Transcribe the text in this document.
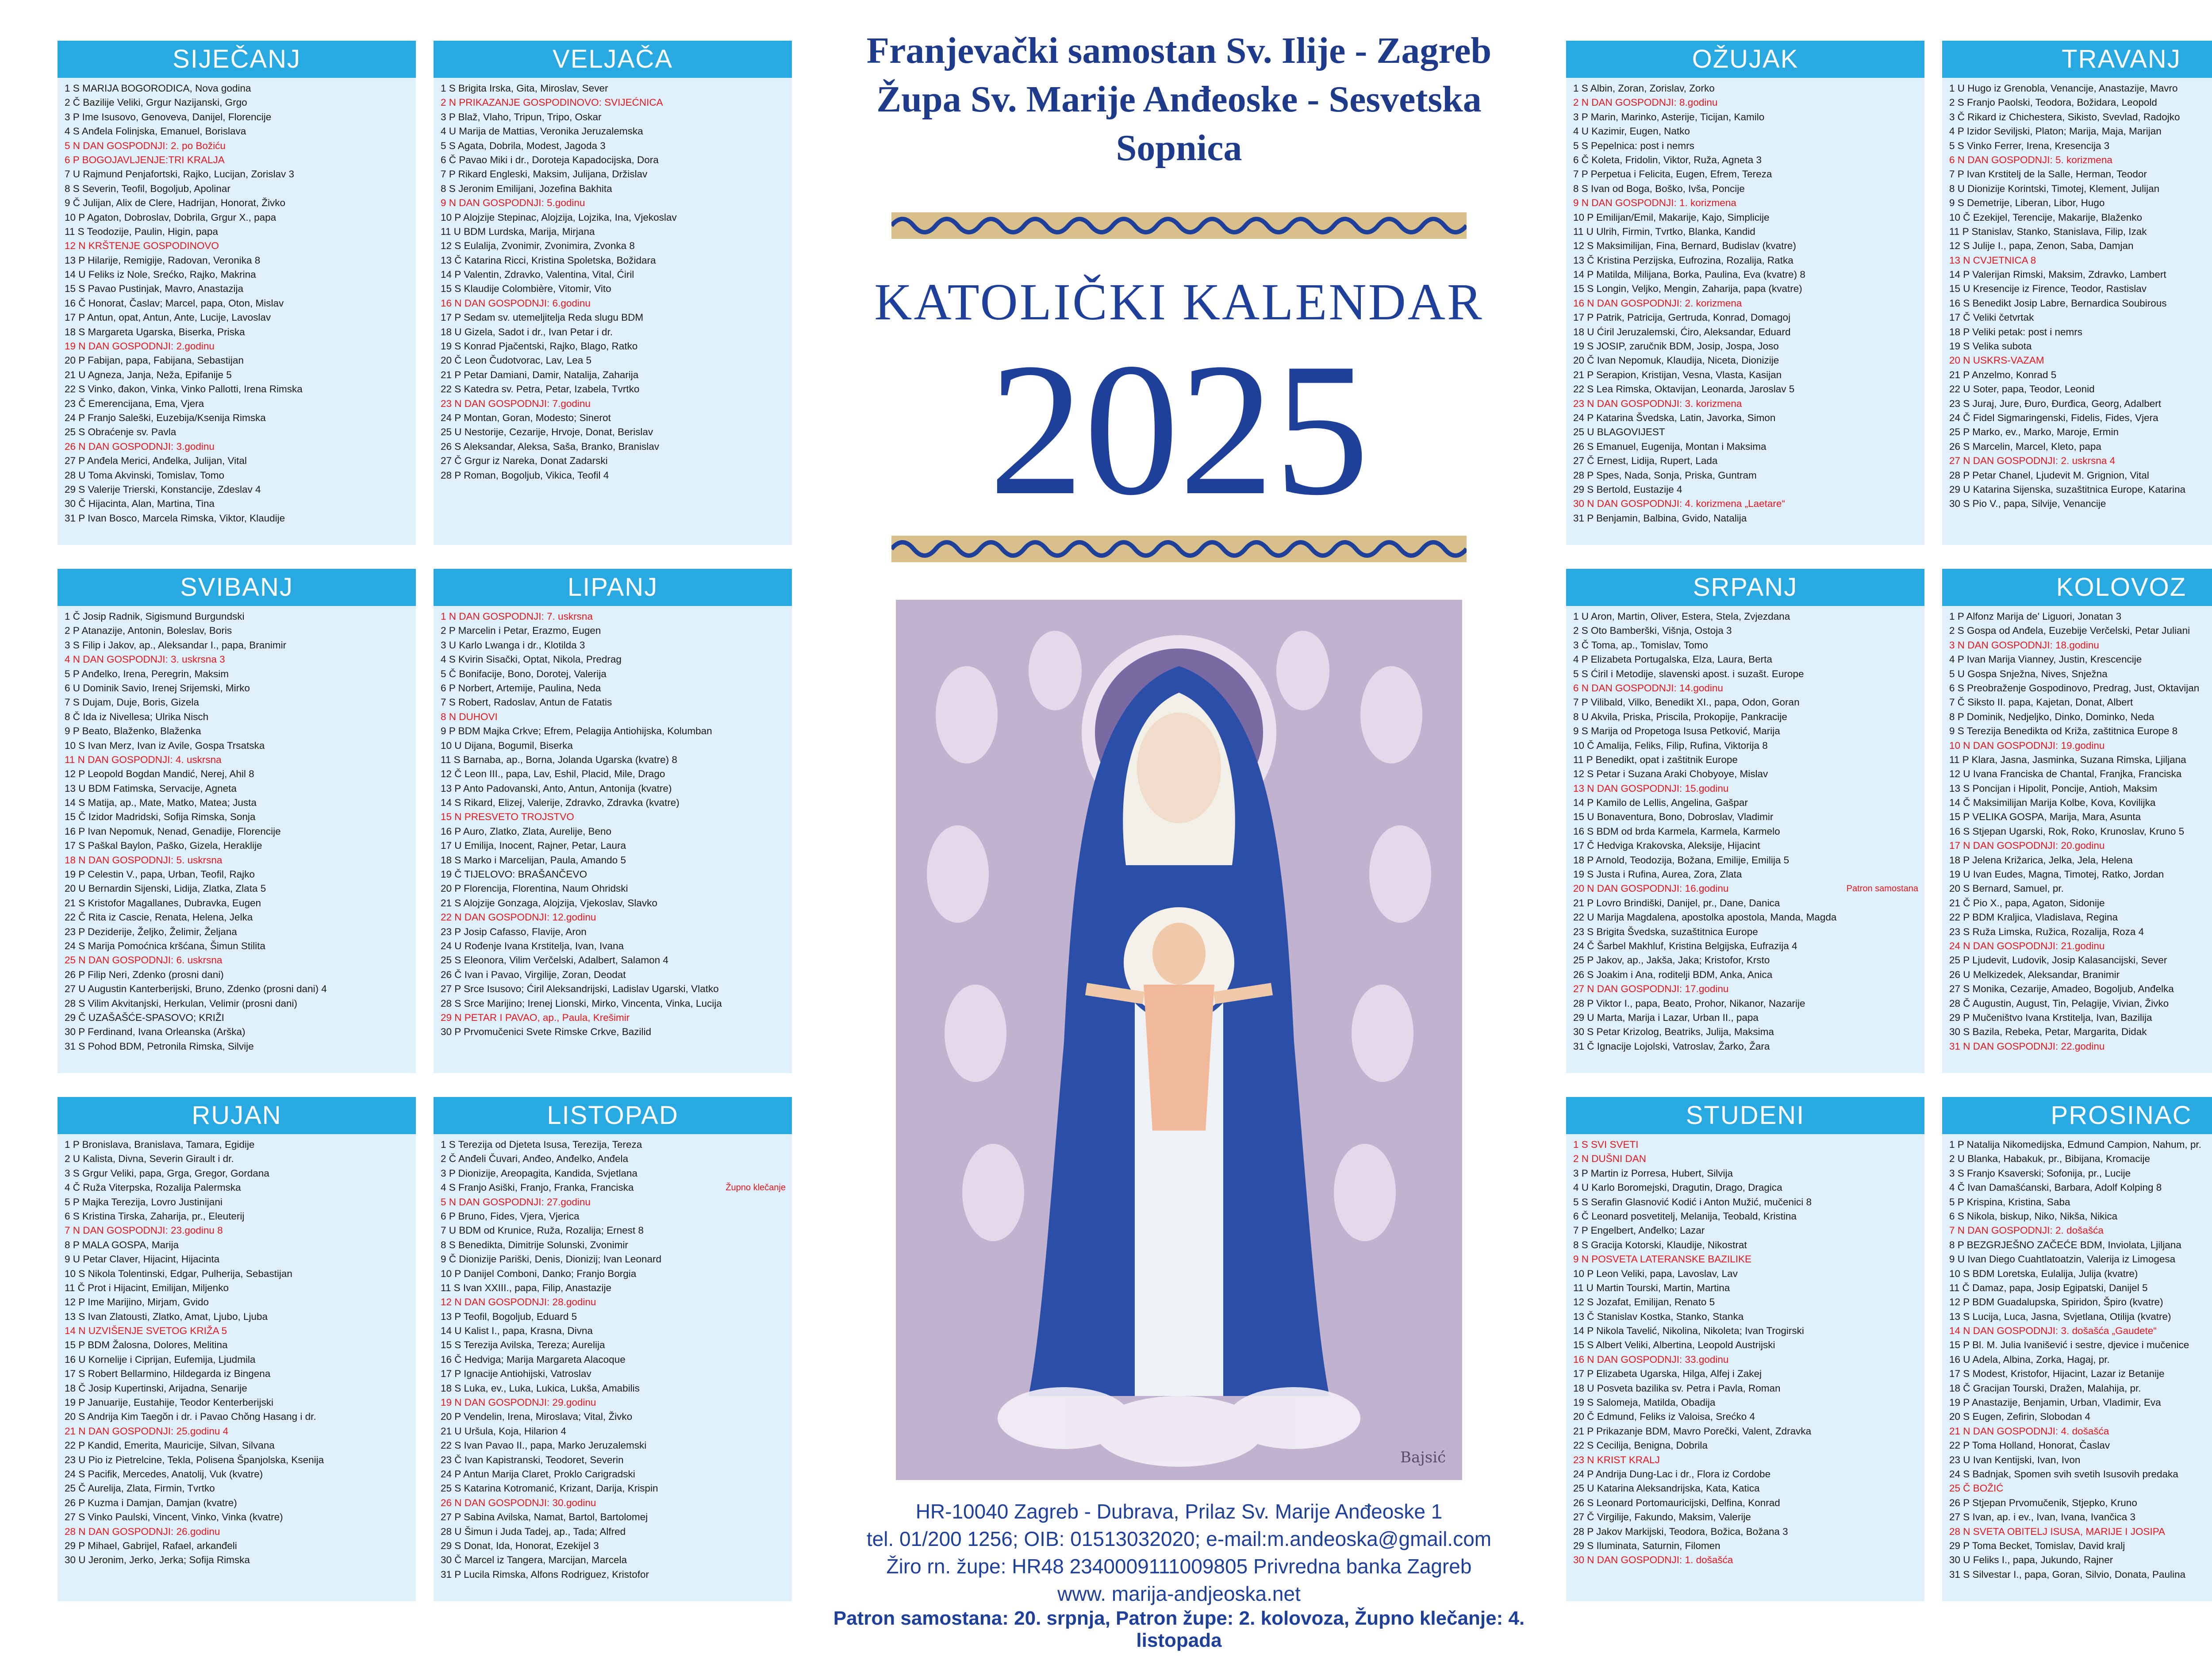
SIJEČANJ
1 S MARIJA BOGORODICA, Nova godina
2 Č Bazilije Veliki, Grgur Nazijanski, Grgo
3 P Ime Isusovo, Genoveva, Danijel, Florencije
4 S Anđela Folinjska, Emanuel, Borislava
5 N DAN GOSPODNJI: 2. po Božiću
6 P BOGOJAVLJENJE:TRI KRALJA
7 U Rajmund Penjafortski, Rajko, Lucijan, Zorislav 3
8 S Severin, Teofil, Bogoljub, Apolinar
9 Č Julijan, Alix de Clere, Hadrijan, Honorat, Živko
10 P Agaton, Dobroslav, Dobrila, Grgur X., papa
11 S Teodozije, Paulin, Higin, papa
12 N KRŠTENJE GOSPODINOVO
13 P Hilarije, Remigije, Radovan, Veronika 8
14 U Feliks iz Nole, Srećko, Rajko, Makrina
15 S Pavao Pustinjak, Mavro, Anastazija
16 Č Honorat, Časlav; Marcel, papa, Oton, Mislav
17 P Antun, opat, Antun, Ante, Lucije, Lavoslav
18 S Margareta Ugarska, Biserka, Priska
19 N DAN GOSPODNJI: 2.godinu
20 P Fabijan, papa, Fabijana, Sebastijan
21 U Agneza, Janja, Neža, Epifanije 5
22 S Vinko, đakon, Vinka, Vinko Pallotti, Irena Rimska
23 Č Emerencijana, Ema, Vjera
24 P Franjo Saleški, Euzebija/Ksenija Rimska
25 S Obraćenje sv. Pavla
26 N DAN GOSPODNJI: 3.godinu
27 P Anđela Merici, Anđelka, Julijan, Vital
28 U Toma Akvinski, Tomislav, Tomo
29 S Valerije Trierski, Konstancije, Zdeslav 4
30 Č Hijacinta, Alan, Martina, Tina
31 P Ivan Bosco, Marcela Rimska, Viktor, Klaudije
VELJAČA
1 S Brigita Irska, Gita, Miroslav, Sever
2 N PRIKAZANJE GOSPODINOVO: SVIJEĆNICA
3 P Blaž, Vlaho, Tripun, Tripo, Oskar
4 U Marija de Mattias, Veronika Jeruzalemska
5 S Agata, Dobrila, Modest, Jagoda 3
6 Č Pavao Miki i dr., Doroteja Kapadocijska, Dora
7 P Rikard Engleski, Maksim, Julijana, Držislav
8 S Jeronim Emilijani, Jozefina Bakhita
9 N DAN GOSPODNJI: 5.godinu
10 P Alojzije Stepinac, Alojzija, Lojzika, Ina, Vjekoslav
11 U BDM Lurdska, Marija, Mirjana
12 S Eulalija, Zvonimir, Zvonimira, Zvonka 8
13 Č Katarina Ricci, Kristina Spoletska, Božidara
14 P Valentin, Zdravko, Valentina, Vital, Ćiril
15 S Klaudije Colombière, Vitomir, Vito
16 N DAN GOSPODNJI: 6.godinu
17 P Sedam sv. utemeljitelja Reda slugu BDM
18 U Gizela, Sadot i dr., Ivan Petar i dr.
19 S Konrad Pjačentski, Rajko, Blago, Ratko
20 Č Leon Čudotvorac, Lav, Lea 5
21 P Petar Damiani, Damir, Natalija, Zaharija
22 S Katedra sv. Petra, Petar, Izabela, Tvrtko
23 N DAN GOSPODNJI: 7.godinu
24 P Montan, Goran, Modesto; Sinerot
25 U Nestorije, Cezarije, Hrvoje, Donat, Berislav
26 S Aleksandar, Aleksa, Saša, Branko, Branislav
27 Č Grgur iz Nareka, Donat Zadarski
28 P Roman, Bogoljub, Vikica, Teofil 4
OŽUJAK
1 S Albin, Zoran, Zorislav, Zorko
2 N DAN GOSPODNJI: 8.godinu
3 P Marin, Marinko, Asterije, Ticijan, Kamilo
4 U Kazimir, Eugen, Natko
5 S Pepelnica: post i nemrs
6 Č Koleta, Fridolin, Viktor, Ruža, Agneta 3
7 P Perpetua i Felicita, Eugen, Efrem, Tereza
8 S Ivan od Boga, Boško, Ivša, Poncije
9 N DAN GOSPODNJI: 1. korizmena
10 P Emilijan/Emil, Makarije, Kajo, Simplicije
11 U Ulrih, Firmin, Tvrtko, Blanka, Kandid
12 S Maksimilijan, Fina, Bernard, Budislav (kvatre)
13 Č Kristina Perzijska, Eufrozina, Rozalija, Ratka
14 P Matilda, Milijana, Borka, Paulina, Eva (kvatre) 8
15 S Longin, Veljko, Mengin, Zaharija, papa (kvatre)
16 N DAN GOSPODNJI: 2. korizmena
17 P Patrik, Patricija, Gertruda, Konrad, Domagoj
18 U Ćiril Jeruzalemski, Ćiro, Aleksandar, Eduard
19 S JOSIP, zaručnik BDM, Josip, Jospa, Joso
20 Č Ivan Nepomuk, Klaudija, Niceta, Dionizije
21 P Serapion, Kristijan, Vesna, Vlasta, Kasijan
22 S Lea Rimska, Oktavijan, Leonarda, Jaroslav 5
23 N DAN GOSPODNJI: 3. korizmena
24 P Katarina Švedska, Latin, Javorka, Simon
25 U BLAGOVIJEST
26 S Emanuel, Eugenija, Montan i Maksima
27 Č Ernest, Lidija, Rupert, Lada
28 P Spes, Nada, Sonja, Priska, Guntram
29 S Bertold, Eustazije 4
30 N DAN GOSPODNJI: 4. korizmena „Laetare“
31 P Benjamin, Balbina, Gvido, Natalija
TRAVANJ
1 U Hugo iz Grenobla, Venancije, Anastazije, Mavro
2 S Franjo Paolski, Teodora, Božidara, Leopold
3 Č Rikard iz Chichestera, Sikisto, Svevlad, Radojko
4 P Izidor Seviljski, Platon; Marija, Maja, Marijan
5 S Vinko Ferrer, Irena, Kresencija 3
6 N DAN GOSPODNJI: 5. korizmena
7 P Ivan Krstitelj de la Salle, Herman, Teodor
8 U Dionizije Korintski, Timotej, Klement, Julijan
9 S Demetrije, Liberan, Libor, Hugo
10 Č Ezekijel, Terencije, Makarije, Blaženko
11 P Stanislav, Stanko, Stanislava, Filip, Izak
12 S Julije I., papa, Zenon, Saba, Damjan
13 N CVJETNICA 8
14 P Valerijan Rimski, Maksim, Zdravko, Lambert
15 U Kresencije iz Firence, Teodor, Rastislav
16 S Benedikt Josip Labre, Bernardica Soubirous
17 Č Veliki četvrtak
18 P Veliki petak: post i nemrs
19 S Velika subota
20 N USKRS-VAZAM
21 P Anzelmo, Konrad 5
22 U Soter, papa, Teodor, Leonid
23 S Juraj, Jure, Đuro, Đurđica, Georg, Adalbert
24 Č Fidel Sigmaringenski, Fidelis, Fides, Vjera
25 P Marko, ev., Marko, Maroje, Ermin
26 S Marcelin, Marcel, Kleto, papa
27 N DAN GOSPODNJI: 2. uskrsna 4
28 P Petar Chanel, Ljudevit M. Grignion, Vital
29 U Katarina Sijenska, suzaštitnica Europe, Katarina
30 S Pio V., papa, Silvije, Venancije
SVIBANJ
1 Č Josip Radnik, Sigismund Burgundski
2 P Atanazije, Antonin, Boleslav, Boris
3 S Filip i Jakov, ap., Aleksandar I., papa, Branimir
4 N DAN GOSPODNJI: 3. uskrsna 3
5 P Anđelko, Irena, Peregrin, Maksim
6 U Dominik Savio, Irenej Srijemski, Mirko
7 S Dujam, Duje, Boris, Gizela
8 Č Ida iz Nivellesa; Ulrika Nisch
9 P Beato, Blaženko, Blaženka
10 S Ivan Merz, Ivan iz Avile, Gospa Trsatska
11 N DAN GOSPODNJI: 4. uskrsna
12 P Leopold Bogdan Mandić, Nerej, Ahil 8
13 U BDM Fatimska, Servacije, Agneta
14 S Matija, ap., Mate, Matko, Matea; Justa
15 Č Izidor Madridski, Sofija Rimska, Sonja
16 P Ivan Nepomuk, Nenad, Genadije, Florencije
17 S Paškal Baylon, Paško, Gizela, Heraklije
18 N DAN GOSPODNJI: 5. uskrsna
19 P Celestin V., papa, Urban, Teofil, Rajko
20 U Bernardin Sijenski, Lidija, Zlatka, Zlata 5
21 S Kristofor Magallanes, Dubravka, Eugen
22 Č Rita iz Cascie, Renata, Helena, Jelka
23 P Deziderije, Željko, Želimir, Željana
24 S Marija Pomoćnica kršćana, Šimun Stilita
25 N DAN GOSPODNJI: 6. uskrsna
26 P Filip Neri, Zdenko (prosni dani)
27 U Augustin Kanterberijski, Bruno, Zdenko (prosni dani) 4
28 S Vilim Akvitanjski, Herkulan, Velimir (prosni dani)
29 Č UZAŠAŠĆE-SPASOVO; KRIŽI
30 P Ferdinand, Ivana Orleanska (Arška)
31 S Pohod BDM, Petronila Rimska, Silvije
LIPANJ
1 N DAN GOSPODNJI: 7. uskrsna
2 P Marcelin i Petar, Erazmo, Eugen
3 U Karlo Lwanga i dr., Klotilda 3
4 S Kvirin Sisački, Optat, Nikola, Predrag
5 Č Bonifacije, Bono, Dorotej, Valerija
6 P Norbert, Artemije, Paulina, Neda
7 S Robert, Radoslav, Antun de Fatatis
8 N DUHOVI
9 P BDM Majka Crkve; Efrem, Pelagija Antiohijska, Kolumban
10 U Dijana, Bogumil, Biserka
11 S Barnaba, ap., Borna, Jolanda Ugarska (kvatre) 8
12 Č Leon III., papa, Lav, Eshil, Placid, Mile, Drago
13 P Anto Padovanski, Anto, Antun, Antonija (kvatre)
14 S Rikard, Elizej, Valerije, Zdravko, Zdravka (kvatre)
15 N PRESVETO TROJSTVO
16 P Auro, Zlatko, Zlata, Aurelije, Beno
17 U Emilija, Inocent, Rajner, Petar, Laura
18 S Marko i Marcelijan, Paula, Amando 5
19 Č TIJELOVO: BRAŠANČEVO
20 P Florencija, Florentina, Naum Ohridski
21 S Alojzije Gonzaga, Alojzija, Vjekoslav, Slavko
22 N DAN GOSPODNJI: 12.godinu
23 P Josip Cafasso, Flavije, Aron
24 U Rođenje Ivana Krstitelja, Ivan, Ivana
25 S Eleonora, Vilim Verčelski, Adalbert, Salamon 4
26 Č Ivan i Pavao, Virgilije, Zoran, Deodat
27 P Srce Isusovo; Ćiril Aleksandrijski, Ladislav Ugarski, Vlatko
28 S Srce Marijino; Irenej Lionski, Mirko, Vincenta, Vinka, Lucija
29 N PETAR I PAVAO, ap., Paula, Krešimir
30 P Prvomučenici Svete Rimske Crkve, Bazilid
SRPANJ
1 U Aron, Martin, Oliver, Estera, Stela, Zvjezdana
2 S Oto Bamberški, Višnja, Ostoja 3
3 Č Toma, ap., Tomislav, Tomo
4 P Elizabeta Portugalska, Elza, Laura, Berta
5 S Ćiril i Metodije, slavenski apost. i suzašt. Europe
6 N DAN GOSPODNJI: 14.godinu
7 P Vilibald, Vilko, Benedikt XI., papa, Odon, Goran
8 U Akvila, Priska, Priscila, Prokopije, Pankracije
9 S Marija od Propetoga Isusa Petković, Marija
10 Č Amalija, Feliks, Filip, Rufina, Viktorija 8
11 P Benedikt, opat i zaštitnik Europe
12 S Petar i Suzana Araki Chobyoye, Mislav
13 N DAN GOSPODNJI: 15.godinu
14 P Kamilo de Lellis, Angelina, Gašpar
15 U Bonaventura, Bono, Dobroslav, Vladimir
16 S BDM od brda Karmela, Karmela, Karmelo
17 Č Hedviga Krakovska, Aleksije, Hijacint
18 P Arnold, Teodozija, Božana, Emilije, Emilija 5
19 S Justa i Rufina, Aurea, Zora, Zlata
20 N DAN GOSPODNJI: 16.godinu	Patron samostana
21 P Lovro Brindiški, Danijel, pr., Dane, Danica
22 U Marija Magdalena, apostolka apostola, Manda, Magda
23 S Brigita Švedska, suzaštitnica Europe
24 Č Šarbel Makhluf, Kristina Belgijska, Eufrazija 4
25 P Jakov, ap., Jakša, Jaka; Kristofor, Krsto
26 S Joakim i Ana, roditelji BDM, Anka, Anica
27 N DAN GOSPODNJI: 17.godinu
28 P Viktor I., papa, Beato, Prohor, Nikanor, Nazarije
29 U Marta, Marija i Lazar, Urban II., papa
30 S Petar Krizolog, Beatriks, Julija, Maksima
31 Č Ignacije Lojolski, Vatroslav, Žarko, Žara
KOLOVOZ
1 P Alfonz Marija de' Liguori, Jonatan 3
2 S Gospa od Anđela, Euzebije Verčelski, Petar Juliani
3 N DAN GOSPODNJI: 18.godinu
4 P Ivan Marija Vianney, Justin, Krescencije
5 U Gospa Snježna, Nives, Snježna
6 S Preobraženje Gospodinovo, Predrag, Just, Oktavijan
7 Č Siksto II. papa, Kajetan, Donat, Albert
8 P Dominik, Nedjeljko, Dinko, Dominko, Neda
9 S Terezija Benedikta od Križa, zaštitnica Europe 8
10 N DAN GOSPODNJI: 19.godinu
11 P Klara, Jasna, Jasminka, Suzana Rimska, Ljiljana
12 U Ivana Franciska de Chantal, Franjka, Franciska
13 S Poncijan i Hipolit, Poncije, Antioh, Maksim
14 Č Maksimilijan Marija Kolbe, Kova, Kovilijka
15 P VELIKA GOSPA, Marija, Mara, Asunta
16 S Stjepan Ugarski, Rok, Roko, Krunoslav, Kruno 5
17 N DAN GOSPODNJI: 20.godinu
18 P Jelena Križarica, Jelka, Jela, Helena
19 U Ivan Eudes, Magna, Timotej, Ratko, Jordan
20 S Bernard, Samuel, pr.
21 Č Pio X., papa, Agaton, Sidonije
22 P BDM Kraljica, Vladislava, Regina
23 S Ruža Limska, Ružica, Rozalija, Roza 4
24 N DAN GOSPODNJI: 21.godinu
25 P Ljudevit, Ludovik, Josip Kalasancijski, Sever
26 U Melkizedek, Aleksandar, Branimir
27 S Monika, Cezarije, Amadeo, Bogoljub, Anđelka
28 Č Augustin, August, Tin, Pelagije, Vivian, Živko
29 P Mučeništvo Ivana Krstitelja, Ivan, Bazilija
30 S Bazila, Rebeka, Petar, Margarita, Didak
31 N DAN GOSPODNJI: 22.godinu
RUJAN
1 P Bronislava, Branislava, Tamara, Egidije
2 U Kalista, Divna, Severin Girault i dr.
3 S Grgur Veliki, papa, Grga, Gregor, Gordana
4 Č Ruža Viterpska, Rozalija Palermska
5 P Majka Terezija, Lovro Justinijani
6 S Kristina Tirska, Zaharija, pr., Eleuterij
7 N DAN GOSPODNJI: 23.godinu 8
8 P MALA GOSPA, Marija
9 U Petar Claver, Hijacint, Hijacinta
10 S Nikola Tolentinski, Edgar, Pulherija, Sebastijan
11 Č Prot i Hijacint, Emilijan, Miljenko
12 P Ime Marijino, Mirjam, Gvido
13 S Ivan Zlatousti, Zlatko, Amat, Ljubo, Ljuba
14 N UZVIŠENJE SVETOG KRIŽA 5
15 P BDM Žalosna, Dolores, Melitina
16 U Kornelije i Ciprijan, Eufemija, Ljudmila
17 S Robert Bellarmino, Hildegarda iz Bingena
18 Č Josip Kupertinski, Arijadna, Senarije
19 P Januarije, Eustahije, Teodor Kenterberijski
20 S Andrija Kim Taegŏn i dr. i Pavao Chŏng Hasang i dr.
21 N DAN GOSPODNJI: 25.godinu 4
22 P Kandid, Emerita, Mauricije, Silvan, Silvana
23 U Pio iz Pietrelcine, Tekla, Polisena Španjolska, Ksenija
24 S Pacifik, Mercedes, Anatolij, Vuk (kvatre)
25 Č Aurelija, Zlata, Firmin, Tvrtko
26 P Kuzma i Damjan, Damjan (kvatre)
27 S Vinko Paulski, Vincent, Vinko, Vinka (kvatre)
28 N DAN GOSPODNJI: 26.godinu
29 P Mihael, Gabrijel, Rafael, arkanđeli
30 U Jeronim, Jerko, Jerka; Sofija Rimska
LISTOPAD
1 S Terezija od Djeteta Isusa, Terezija, Tereza
2 Č Anđeli Čuvari, Anđeo, Anđelko, Anđela
3 P Dionizije, Areopagita, Kandida, Svjetlana
4 S Franjo Asiški, Franjo, Franka, Franciska	Župno klečanje
5 N DAN GOSPODNJI: 27.godinu
6 P Bruno, Fides, Vjera, Vjerica
7 U BDM od Krunice, Ruža, Rozalija; Ernest 8
8 S Benedikta, Dimitrije Solunski, Zvonimir
9 Č Dionizije Pariški, Denis, Dionizij; Ivan Leonard
10 P Danijel Comboni, Danko; Franjo Borgia
11 S Ivan XXIII., papa, Filip, Anastazije
12 N DAN GOSPODNJI: 28.godinu
13 P Teofil, Bogoljub, Eduard 5
14 U Kalist I., papa, Krasna, Divna
15 S Terezija Avilska, Tereza; Aurelija
16 Č Hedviga; Marija Margareta Alacoque
17 P Ignacije Antiohijski, Vatroslav
18 S Luka, ev., Luka, Lukica, Lukša, Amabilis
19 N DAN GOSPODNJI: 29.godinu
20 P Vendelin, Irena, Miroslava; Vital, Živko
21 U Uršula, Koja, Hilarion 4
22 S Ivan Pavao II., papa, Marko Jeruzalemski
23 Č Ivan Kapistranski, Teodoret, Severin
24 P Antun Marija Claret, Proklo Carigradski
25 S Katarina Kotromanić, Krizant, Darija, Krispin
26 N DAN GOSPODNJI: 30.godinu
27 P Sabina Avilska, Namat, Bartol, Bartolomej
28 U Šimun i Juda Tadej, ap., Tada; Alfred
29 S Donat, Ida, Honorat, Ezekijel 3
30 Č Marcel iz Tangera, Marcijan, Marcela
31 P Lucila Rimska, Alfons Rodriguez, Kristofor
STUDENI
1 S SVI SVETI
2 N DUŠNI DAN
3 P Martin iz Porresa, Hubert, Silvija
4 U Karlo Boromejski, Dragutin, Drago, Dragica
5 S Serafin Glasnović Kodić i Anton Mužić, mučenici 8
6 Č Leonard posvetitelj, Melanija, Teobald, Kristina
7 P Engelbert, Anđelko; Lazar
8 S Gracija Kotorski, Klaudije, Nikostrat
9 N POSVETA LATERANSKE BAZILIKE
10 P Leon Veliki, papa, Lavoslav, Lav
11 U Martin Tourski, Martin, Martina
12 S Jozafat, Emilijan, Renato 5
13 Č Stanislav Kostka, Stanko, Stanka
14 P Nikola Tavelić, Nikolina, Nikoleta; Ivan Trogirski
15 S Albert Veliki, Albertina, Leopold Austrijski
16 N DAN GOSPODNJI: 33.godinu
17 P Elizabeta Ugarska, Hilga, Alfej i Zakej
18 U Posveta bazilika sv. Petra i Pavla, Roman
19 S Salomeja, Matilda, Obadija
20 Č Edmund, Feliks iz Valoisa, Srećko 4
21 P Prikazanje BDM, Mavro Porečki, Valent, Zdravka
22 S Cecilija, Benigna, Dobrila
23 N KRIST KRALJ
24 P Andrija Dung-Lac i dr., Flora iz Cordobe
25 U Katarina Aleksandrijska, Kata, Katica
26 S Leonard Portomauricijski, Delfina, Konrad
27 Č Virgilije, Fakundo, Maksim, Valerije
28 P Jakov Markijski, Teodora, Božica, Božana 3
29 S Iluminata, Saturnin, Filomen
30 N DAN GOSPODNJI: 1. došašća
PROSINAC
1 P Natalija Nikomedijska, Edmund Campion, Nahum, pr.
2 U Blanka, Habakuk, pr., Bibijana, Kromacije
3 S Franjo Ksaverski; Sofonija, pr., Lucije
4 Č Ivan Damašćanski, Barbara, Adolf Kolping 8
5 P Krispina, Kristina, Saba
6 S Nikola, biskup, Niko, Nikša, Nikica
7 N DAN GOSPODNJI: 2. došašća
8 P BEZGRJEŠNO ZAČEĆE BDM, Inviolata, Ljiljana
9 U Ivan Diego Cuahtlatoatzin, Valerija iz Limogesa
10 S BDM Loretska, Eulalija, Julija (kvatre)
11 Č Damaz, papa, Josip Egipatski, Danijel 5
12 P BDM Guadalupska, Spiridon, Špiro (kvatre)
13 S Lucija, Luca, Jasna, Svjetlana, Otilija (kvatre)
14 N DAN GOSPODNJI: 3. došašća „Gaudete“
15 P Bl. M. Julia Ivanišević i sestre, djevice i mučenice
16 U Adela, Albina, Zorka, Hagaj, pr.
17 S Modest, Kristofor, Hijacint, Lazar iz Betanije
18 Č Gracijan Tourski, Dražen, Malahija, pr.
19 P Anastazije, Benjamin, Urban, Vladimir, Eva
20 S Eugen, Zefirin, Slobodan 4
21 N DAN GOSPODNJI: 4. došašća
22 P Toma Holland, Honorat, Časlav
23 U Ivan Kentijski, Ivan, Ivon
24 S Badnjak, Spomen svih svetih Isusovih predaka
25 Č BOŽIĆ
26 P Stjepan Prvomučenik, Stjepko, Kruno
27 S Ivan, ap. i ev., Ivan, Ivana, Ivančica 3
28 N SVETA OBITELJ ISUSA, MARIJE I JOSIPA
29 P Toma Becket, Tomislav, David kralj
30 U Feliks I., papa, Jukundo, Rajner
31 S Silvestar I., papa, Goran, Silvio, Donata, Paulina
Franjevački samostan Sv. Ilije - Zagreb
Župa Sv. Marije Anđeoske - Sesvetska Sopnica
KATOLIČKI KALENDAR
2025
Bajsić
HR-10040 Zagreb - Dubrava, Prilaz Sv. Marije Anđeoske 1
tel. 01/200 1256; OIB: 01513032020; e-mail:m.andeoska@gmail.com
Žiro rn. župe: HR48 2340009111009805 Privredna banka Zagreb
www. marija-andjeoska.net
Patron samostana: 20. srpnja, Patron župe: 2. kolovoza, Župno klečanje: 4. listopada
